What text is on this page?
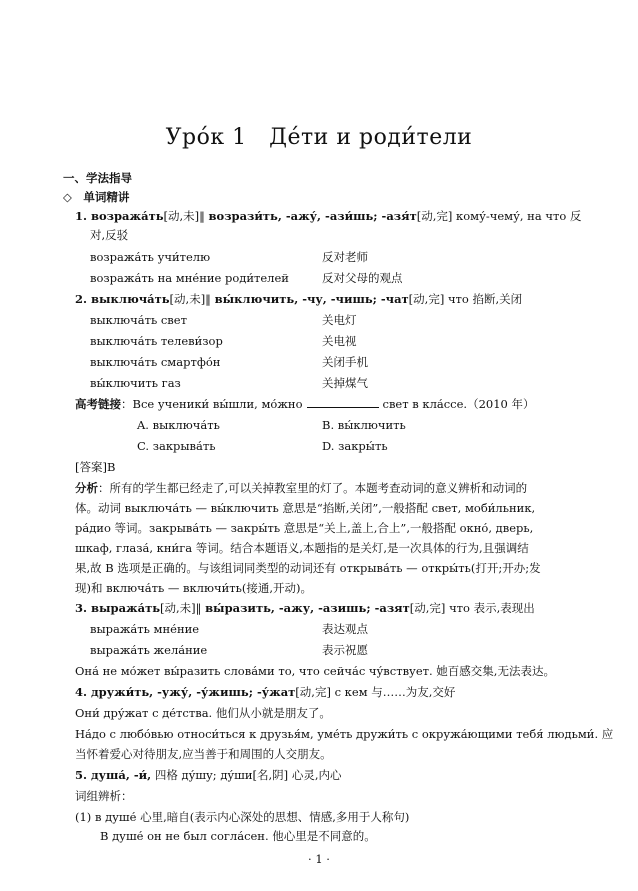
Уро́к 1　Де́ти и роди́тели
一、学法指导
◇　单词精讲
1. возража́ть[动,未]‖ возрази́ть, -ажу́, -ази́шь; -азя́т[动,完] кому́-чему́, на что 反
对,反驳
возража́ть учи́телю	反对老师
возража́ть на мне́ние роди́телей	反对父母的观点
2. выключа́ть[动,未]‖ вы́ключить, -чу, -чишь; -чат[动,完] что 掐断,关闭
выключа́ть свет	关电灯
выключа́ть телеви́зор	关电视
выключа́ть смартфо́н	关闭手机
вы́ключить газ	关掉煤气
高考链接：Все ученики́ вы́шли, мо́жно	свет в кла́ссе.（2010 年）
A. выключа́ть	B. вы́ключить
C. закрыва́ть	D. закры́ть
[答案]B
分析：所有的学生都已经走了,可以关掉教室里的灯了。本题考查动词的意义辨析和动词的
体。动词 выключа́ть — вы́ключить 意思是“掐断,关闭”,一般搭配 свет, моби́льник,
ра́дио 等词。закрыва́ть — закры́ть 意思是“关上,盖上,合上”,一般搭配 окно́, дверь,
шкаф, глаза́, кни́га 等词。结合本题语义,本题指的是关灯,是一次具体的行为,且强调结
果,故 B 选项是正确的。与该组词同类型的动词还有 открыва́ть — откры́ть(打开;开办;发
现)和 включа́ть — включи́ть(接通,开动)。
3. выража́ть[动,未]‖ вы́разить, -ажу, -азишь; -азят[动,完] что 表示,表现出
выража́ть мне́ние	表达观点
выража́ть жела́ние	表示祝愿
Она́ не мо́жет вы́разить слова́ми то, что сейча́с чу́вствует. 她百感交集,无法表达。
4. дружи́ть, -ужу́, -у́жишь; -у́жат[动,完] с кем 与……为友,交好
Они́ дру́жат с де́тства. 他们从小就是朋友了。
На́до с любо́вью относи́ться к друзья́м, уме́ть дружи́ть с окружа́ющими тебя́ людьми́. 应
当怀着爱心对待朋友,应当善于和周围的人交朋友。
5. душа́, -и́, 四格 ду́шу; ду́ши[名,阴] 心灵,内心
词组辨析：
(1) в душе́ 心里,暗自(表示内心深处的思想、情感,多用于人称句)
В душе́ он не был согла́сен. 他心里是不同意的。
· 1 ·
